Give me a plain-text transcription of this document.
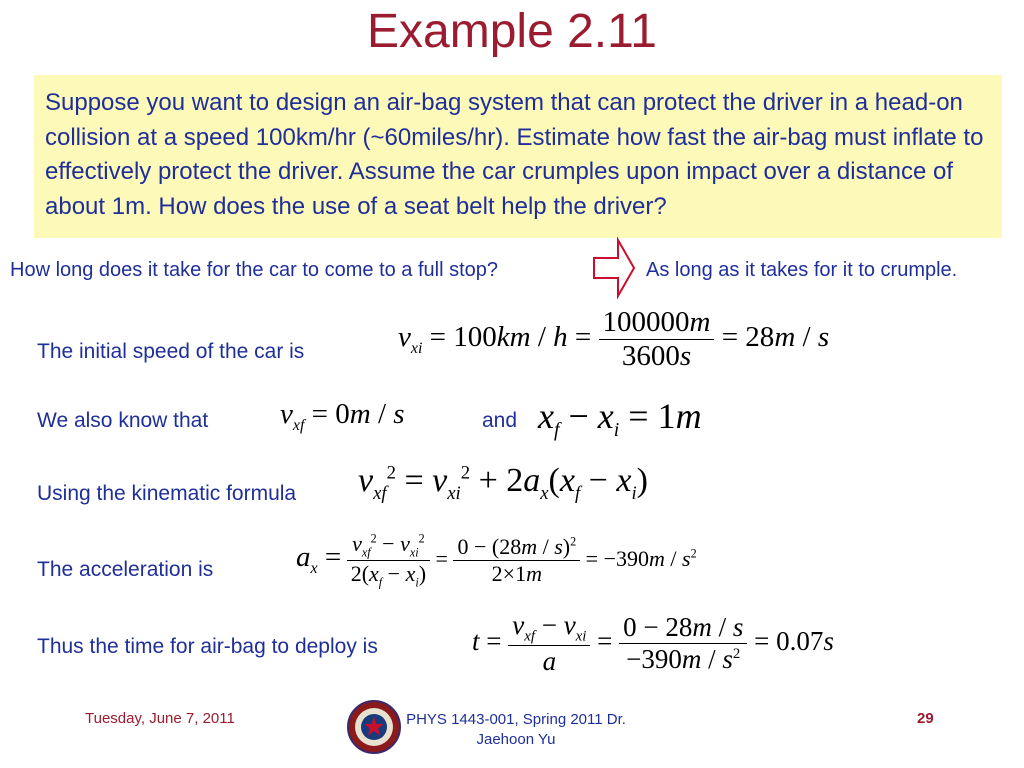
Example 2.11
Suppose you want to design an air-bag system that can protect the driver in a head-on collision at a speed 100km/hr (~60miles/hr). Estimate how fast the air-bag must inflate to effectively protect the driver. Assume the car crumples upon impact over a distance of about 1m. How does the use of a seat belt help the driver?
How long does it take for the car to come to a full stop?	As long as it takes for it to crumple.
The initial speed of the car is	$v_{xi} = 100km / h = \frac{100000m}{3600s} = 28m / s$
We also know that $v_{xf} = 0m / s$	and $x_f - x_i = 1m$
Using the kinematic formula $v_{xf}^2 = v_{xi}^2 + 2a_x(x_f - x_i)$
The acceleration is	$a_x = \frac{v_{xf}^2 - v_{xi}^2}{2(x_f - x_i)} = \frac{0 - (28m / s)^2}{2\times 1m} = -390m / s^2$
Thus the time for air-bag to deploy is	$t = \frac{v_{xf} - v_{xi}}{a} = \frac{0 - 28m / s}{-390m / s^2} = 0.07s$
Tuesday, June 7, 2011	PHYS 1443-001, Spring 2011 Dr. Jaehoon Yu
29
